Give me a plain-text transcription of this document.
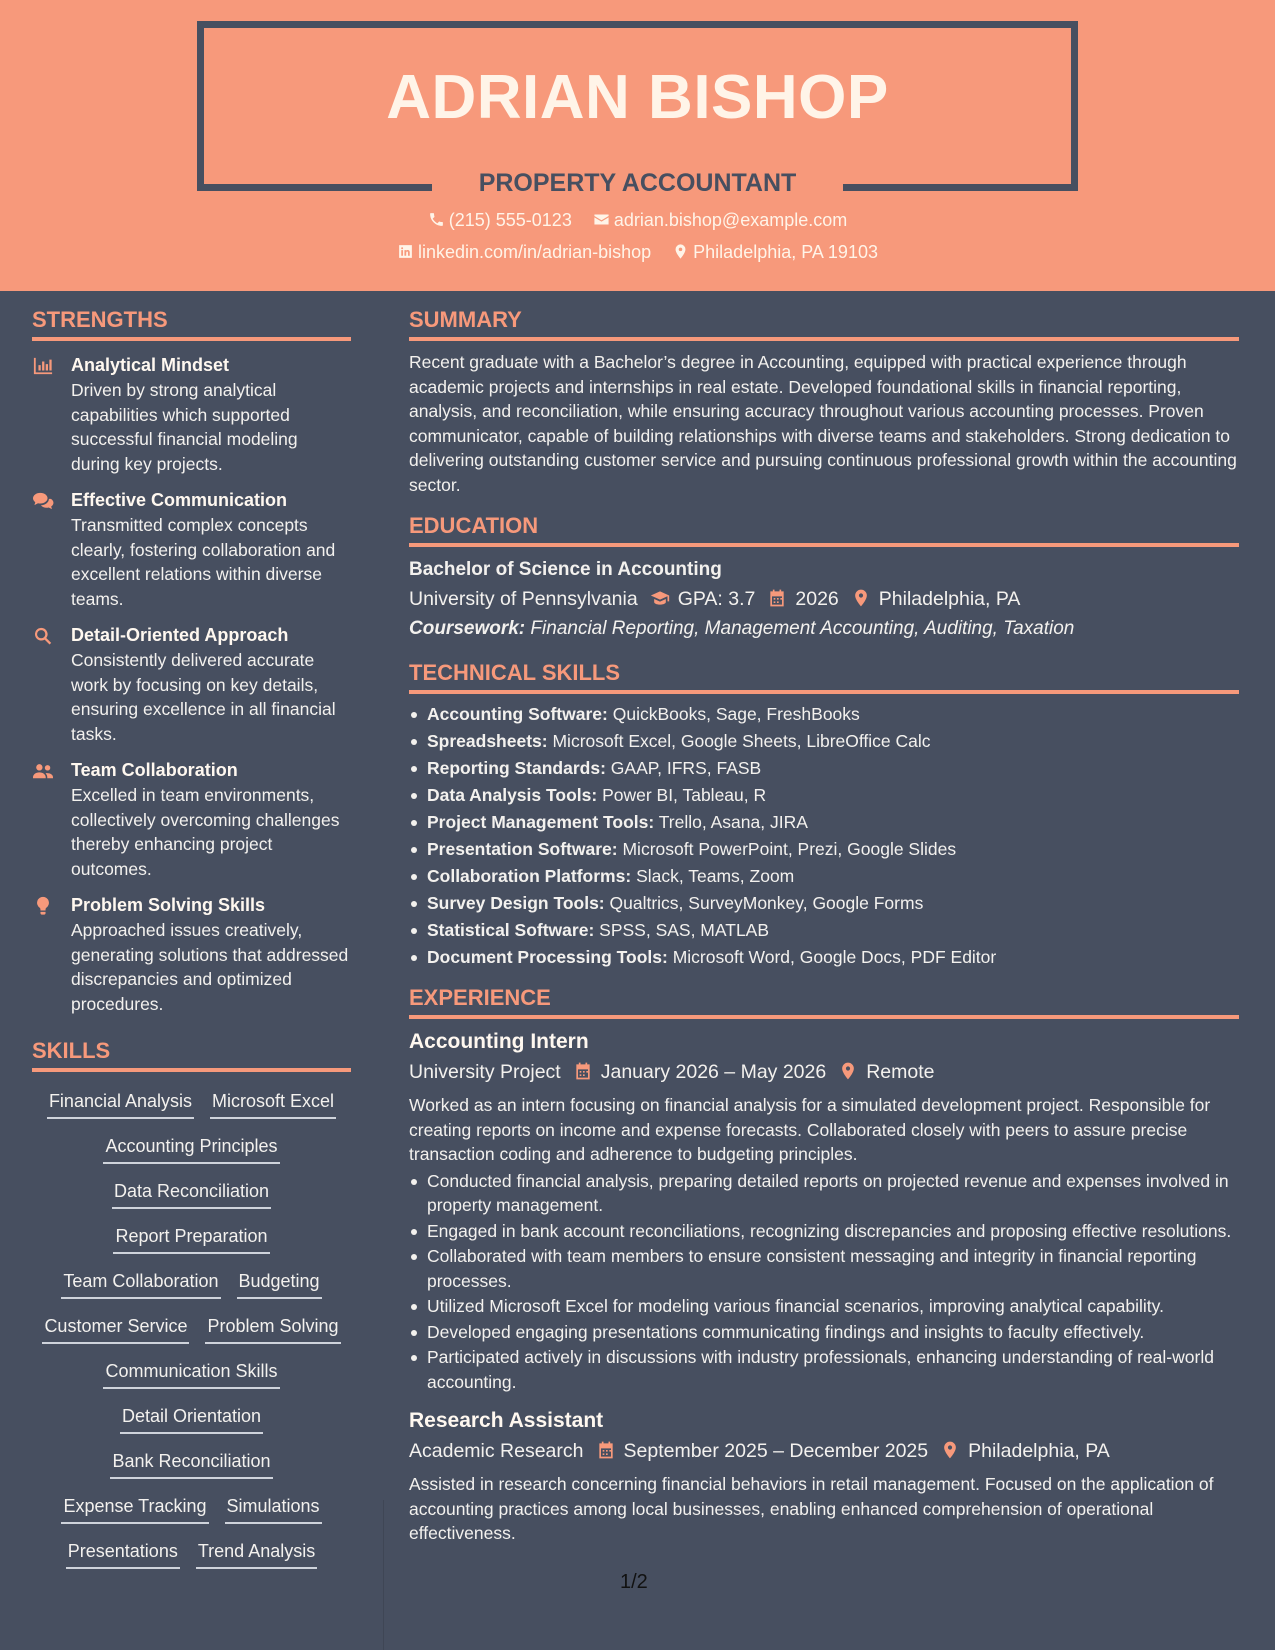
ADRIAN BISHOP
PROPERTY ACCOUNTANT
(215) 555-0123 adrian.bishop@example.com
linkedin.com/in/adrian-bishop Philadelphia, PA 19103
STRENGTHS
Analytical Mindset
Driven by strong analytical capabilities which supported successful financial modeling during key projects.
Effective Communication
Transmitted complex concepts clearly, fostering collaboration and excellent relations within diverse teams.
Detail-Oriented Approach
Consistently delivered accurate work by focusing on key details, ensuring excellence in all financial tasks.
Team Collaboration
Excelled in team environments, collectively overcoming challenges thereby enhancing project outcomes.
Problem Solving Skills
Approached issues creatively, generating solutions that addressed discrepancies and optimized procedures.
SKILLS
Financial Analysis Microsoft Excel
Accounting Principles
Data Reconciliation
Report Preparation
Team Collaboration Budgeting
Customer Service Problem Solving
Communication Skills
Detail Orientation
Bank Reconciliation
Expense Tracking Simulations
Presentations Trend Analysis
SUMMARY
Recent graduate with a Bachelor’s degree in Accounting, equipped with practical experience through academic projects and internships in real estate. Developed foundational skills in financial reporting, analysis, and reconciliation, while ensuring accuracy throughout various accounting processes. Proven communicator, capable of building relationships with diverse teams and stakeholders. Strong dedication to delivering outstanding customer service and pursuing continuous professional growth within the accounting sector.
EDUCATION
Bachelor of Science in Accounting
University of Pennsylvania GPA: 3.7 2026 Philadelphia, PA
Coursework: Financial Reporting, Management Accounting, Auditing, Taxation
TECHNICAL SKILLS
Accounting Software: QuickBooks, Sage, FreshBooks
Spreadsheets: Microsoft Excel, Google Sheets, LibreOffice Calc
Reporting Standards: GAAP, IFRS, FASB
Data Analysis Tools: Power BI, Tableau, R
Project Management Tools: Trello, Asana, JIRA
Presentation Software: Microsoft PowerPoint, Prezi, Google Slides
Collaboration Platforms: Slack, Teams, Zoom
Survey Design Tools: Qualtrics, SurveyMonkey, Google Forms
Statistical Software: SPSS, SAS, MATLAB
Document Processing Tools: Microsoft Word, Google Docs, PDF Editor
EXPERIENCE
Accounting Intern
University Project January 2026 – May 2026 Remote
Worked as an intern focusing on financial analysis for a simulated development project. Responsible for creating reports on income and expense forecasts. Collaborated closely with peers to assure precise transaction coding and adherence to budgeting principles.
Conducted financial analysis, preparing detailed reports on projected revenue and expenses involved in property management.
Engaged in bank account reconciliations, recognizing discrepancies and proposing effective resolutions.
Collaborated with team members to ensure consistent messaging and integrity in financial reporting processes.
Utilized Microsoft Excel for modeling various financial scenarios, improving analytical capability.
Developed engaging presentations communicating findings and insights to faculty effectively.
Participated actively in discussions with industry professionals, enhancing understanding of real-world accounting.
Research Assistant
Academic Research September 2025 – December 2025 Philadelphia, PA
Assisted in research concerning financial behaviors in retail management. Focused on the application of accounting practices among local businesses, enabling enhanced comprehension of operational effectiveness.
1/2
